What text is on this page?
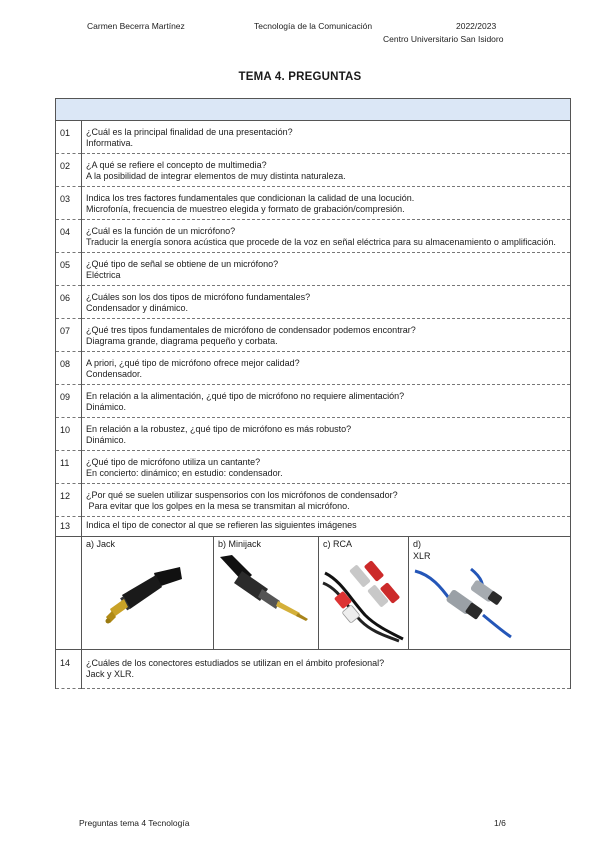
Carmen Becerra Martínez	Tecnología de la Comunicación	2022/2023
Centro Universitario San Isidoro
TEMA 4. PREGUNTAS

01	¿Cuál es la principal finalidad de una presentación?
Informativa.

02	¿A qué se refiere el concepto de multimedia?
A la posibilidad de integrar elementos de muy distinta naturaleza.

03	Indica los tres factores fundamentales que condicionan la calidad de una locución.
Microfonía, frecuencia de muestreo elegida y formato de grabación/compresión.

04	¿Cuál es la función de un micrófono?
Traducir la energía sonora acústica que procede de la voz en señal eléctrica para su almacenamiento o amplificación.

05	¿Qué tipo de señal se obtiene de un micrófono?
Eléctrica

06	¿Cuáles son los dos tipos de micrófono fundamentales?
Condensador y dinámico.

07	¿Qué tres tipos fundamentales de micrófono de condensador podemos encontrar?
Diagrama grande, diagrama pequeño y corbata.

08	A priori, ¿qué tipo de micrófono ofrece mejor calidad?
Condensador.

09	En relación a la alimentación, ¿qué tipo de micrófono no requiere alimentación?
Dinámico.

10	En relación a la robustez, ¿qué tipo de micrófono es más robusto?
Dinámico.

11	¿Qué tipo de micrófono utiliza un cantante?
En concierto: dinámico; en estudio: condensador.

12	¿Por qué se suelen utilizar suspensorios con los micrófonos de condensador?
Para evitar que los golpes en la mesa se transmitan al micrófono.

13	Indica el tipo de conector al que se refieren las siguientes imágenes

	a) Jack b) Minijack c) RCA d)
XLR

14	¿Cuáles de los conectores estudiados se utilizan en el ámbito profesional?
Jack y XLR.
Preguntas tema 4 Tecnología	1/6
